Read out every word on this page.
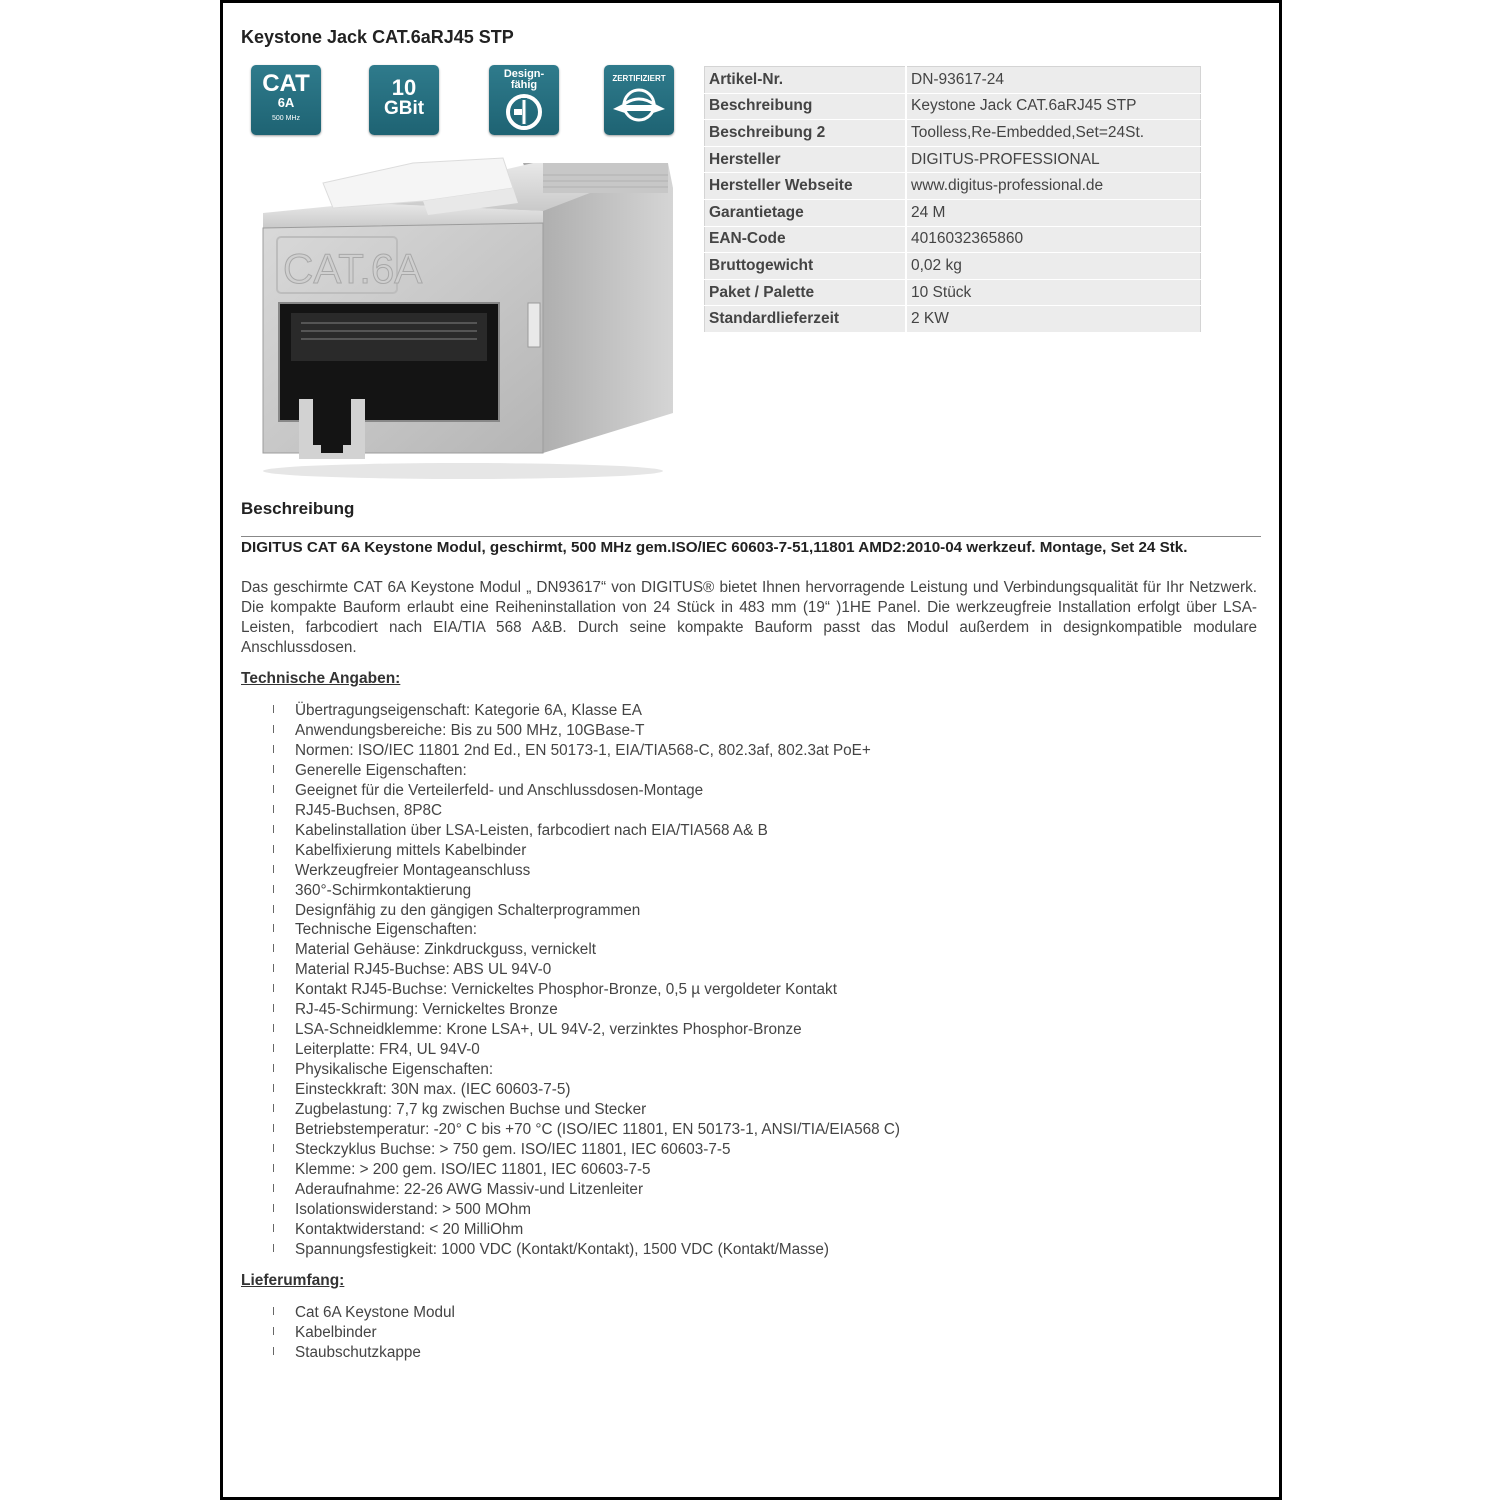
Keystone Jack CAT.6aRJ45 STP
CAT
6A
500 MHz
10
GBit
Design-
fähig
ZERTIFIZIERT
CAT.6A
Artikel-Nr.	DN-93617-24
Beschreibung	Keystone Jack CAT.6aRJ45 STP
Beschreibung 2	Toolless,Re-Embedded,Set=24St.
Hersteller	DIGITUS-PROFESSIONAL
Hersteller Webseite	www.digitus-professional.de
Garantietage	24 M
EAN-Code	4016032365860
Bruttogewicht	0,02 kg
Paket / Palette	10 Stück
Standardlieferzeit	2 KW
Beschreibung
DIGITUS CAT 6A Keystone Modul, geschirmt, 500 MHz gem.ISO/IEC 60603-7-51,11801 AMD2:2010-04 werkzeuf. Montage, Set 24 Stk.
Das geschirmte CAT 6A Keystone Modul „ DN93617“ von DIGITUS® bietet Ihnen hervorragende Leistung und Verbindungsqualität für Ihr Netzwerk. Die kompakte Bauform erlaubt eine Reiheninstallation von 24 Stück in 483 mm (19“ )1HE Panel. Die werkzeugfreie Installation erfolgt über LSA- Leisten, farbcodiert nach EIA/TIA 568 A&B. Durch seine kompakte Bauform passt das Modul außerdem in designkompatible modulare Anschlussdosen.
Technische Angaben:
Übertragungseigenschaft: Kategorie 6A, Klasse EA
Anwendungsbereiche: Bis zu 500 MHz, 10GBase-T
Normen: ISO/IEC 11801 2nd Ed., EN 50173-1, EIA/TIA568-C, 802.3af, 802.3at PoE+
Generelle Eigenschaften:
Geeignet für die Verteilerfeld- und Anschlussdosen-Montage
RJ45-Buchsen, 8P8C
Kabelinstallation über LSA-Leisten, farbcodiert nach EIA/TIA568 A& B
Kabelfixierung mittels Kabelbinder
Werkzeugfreier Montageanschluss
360°-Schirmkontaktierung
Designfähig zu den gängigen Schalterprogrammen
Technische Eigenschaften:
Material Gehäuse: Zinkdruckguss, vernickelt
Material RJ45-Buchse: ABS UL 94V-0
Kontakt RJ45-Buchse: Vernickeltes Phosphor-Bronze, 0,5 µ vergoldeter Kontakt
RJ-45-Schirmung: Vernickeltes Bronze
LSA-Schneidklemme: Krone LSA+, UL 94V-2, verzinktes Phosphor-Bronze
Leiterplatte: FR4, UL 94V-0
Physikalische Eigenschaften:
Einsteckkraft: 30N max. (IEC 60603-7-5)
Zugbelastung: 7,7 kg zwischen Buchse und Stecker
Betriebstemperatur: -20° C bis +70 °C (ISO/IEC 11801, EN 50173-1, ANSI/TIA/EIA568 C)
Steckzyklus Buchse: > 750 gem. ISO/IEC 11801, IEC 60603-7-5
Klemme: > 200 gem. ISO/IEC 11801, IEC 60603-7-5
Aderaufnahme: 22-26 AWG Massiv-und Litzenleiter
Isolationswiderstand: > 500 MOhm
Kontaktwiderstand: < 20 MilliOhm
Spannungsfestigkeit: 1000 VDC (Kontakt/Kontakt), 1500 VDC (Kontakt/Masse)
Lieferumfang:
Cat 6A Keystone Modul
Kabelbinder
Staubschutzkappe
